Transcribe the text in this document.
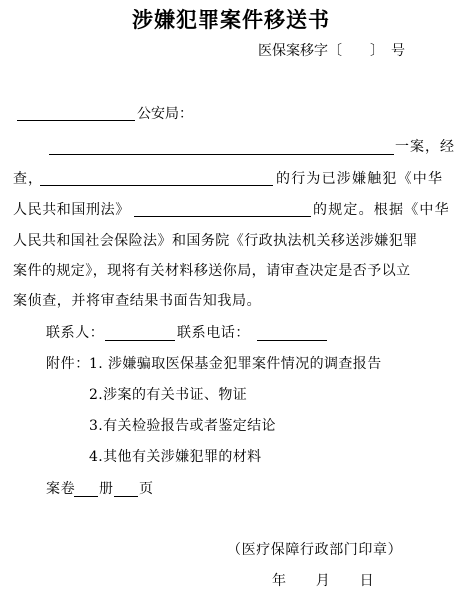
涉嫌犯罪案件移送书
医保案移字〔　　〕　号
公安局：
一案，经
查，	的行为已涉嫌触犯《中华
人民共和国刑法》	的规定。根据《中华
人民共和国社会保险法》和国务院《行政执法机关移送涉嫌犯罪
案件的规定》，现将有关材料移送你局，请审查决定是否予以立
案侦查，并将审查结果书面告知我局。
联系人：	联系电话：
附件： 1. 涉嫌骗取医保基金犯罪案件情况的调查报告
2.涉案的有关书证、物证
3.有关检验报告或者鉴定结论
4.其他有关涉嫌犯罪的材料
案卷 册 页
（医疗保障行政部门印章）
年　　月　　日
